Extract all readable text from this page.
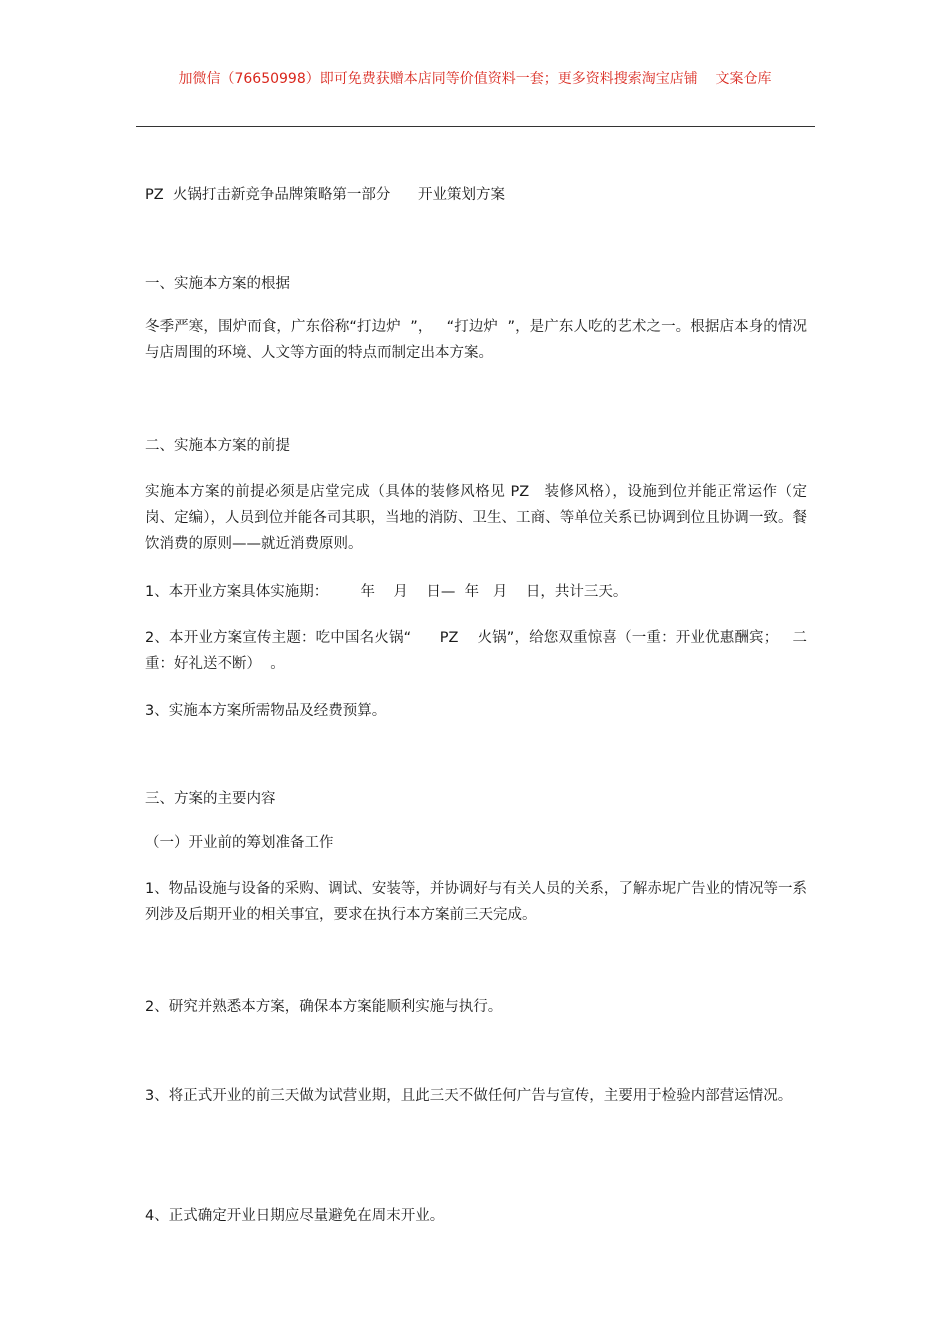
加微信（76650998）即可免费获赠本店同等价值资料一套；更多资料搜索淘宝店铺    文案仓库
PZ  火锅打击新竞争品牌策略第一部分      开业策划方案
一、实施本方案的根据
冬季严寒，围炉而食，广东俗称“打边炉  ”，   “打边炉  ”，是广东人吃的艺术之一。根据店本身的情况与店周围的环境、人文等方面的特点而制定出本方案。
二、实施本方案的前提
实施本方案的前提必须是店堂完成（具体的装修风格见 PZ   装修风格），设施到位并能正常运作（定岗、定编），人员到位并能各司其职，当地的消防、卫生、工商、等单位关系已协调到位且协调一致。餐饮消费的原则——就近消费原则。
1、本开业方案具体实施期：       年    月    日—  年   月    日，共计三天。
2、本开业方案宣传主题：吃中国名火锅“      PZ    火锅”，给您双重惊喜（一重：开业优惠酬宾；   二重：好礼送不断）  。
3、实施本方案所需物品及经费预算。
三、方案的主要内容
（一）开业前的筹划准备工作
1、物品设施与设备的采购、调试、安装等，并协调好与有关人员的关系，了解赤坭广告业的情况等一系列涉及后期开业的相关事宜，要求在执行本方案前三天完成。
2、研究并熟悉本方案，确保本方案能顺利实施与执行。
3、将正式开业的前三天做为试营业期，且此三天不做任何广告与宣传，主要用于检验内部营运情况。
4、正式确定开业日期应尽量避免在周末开业。
